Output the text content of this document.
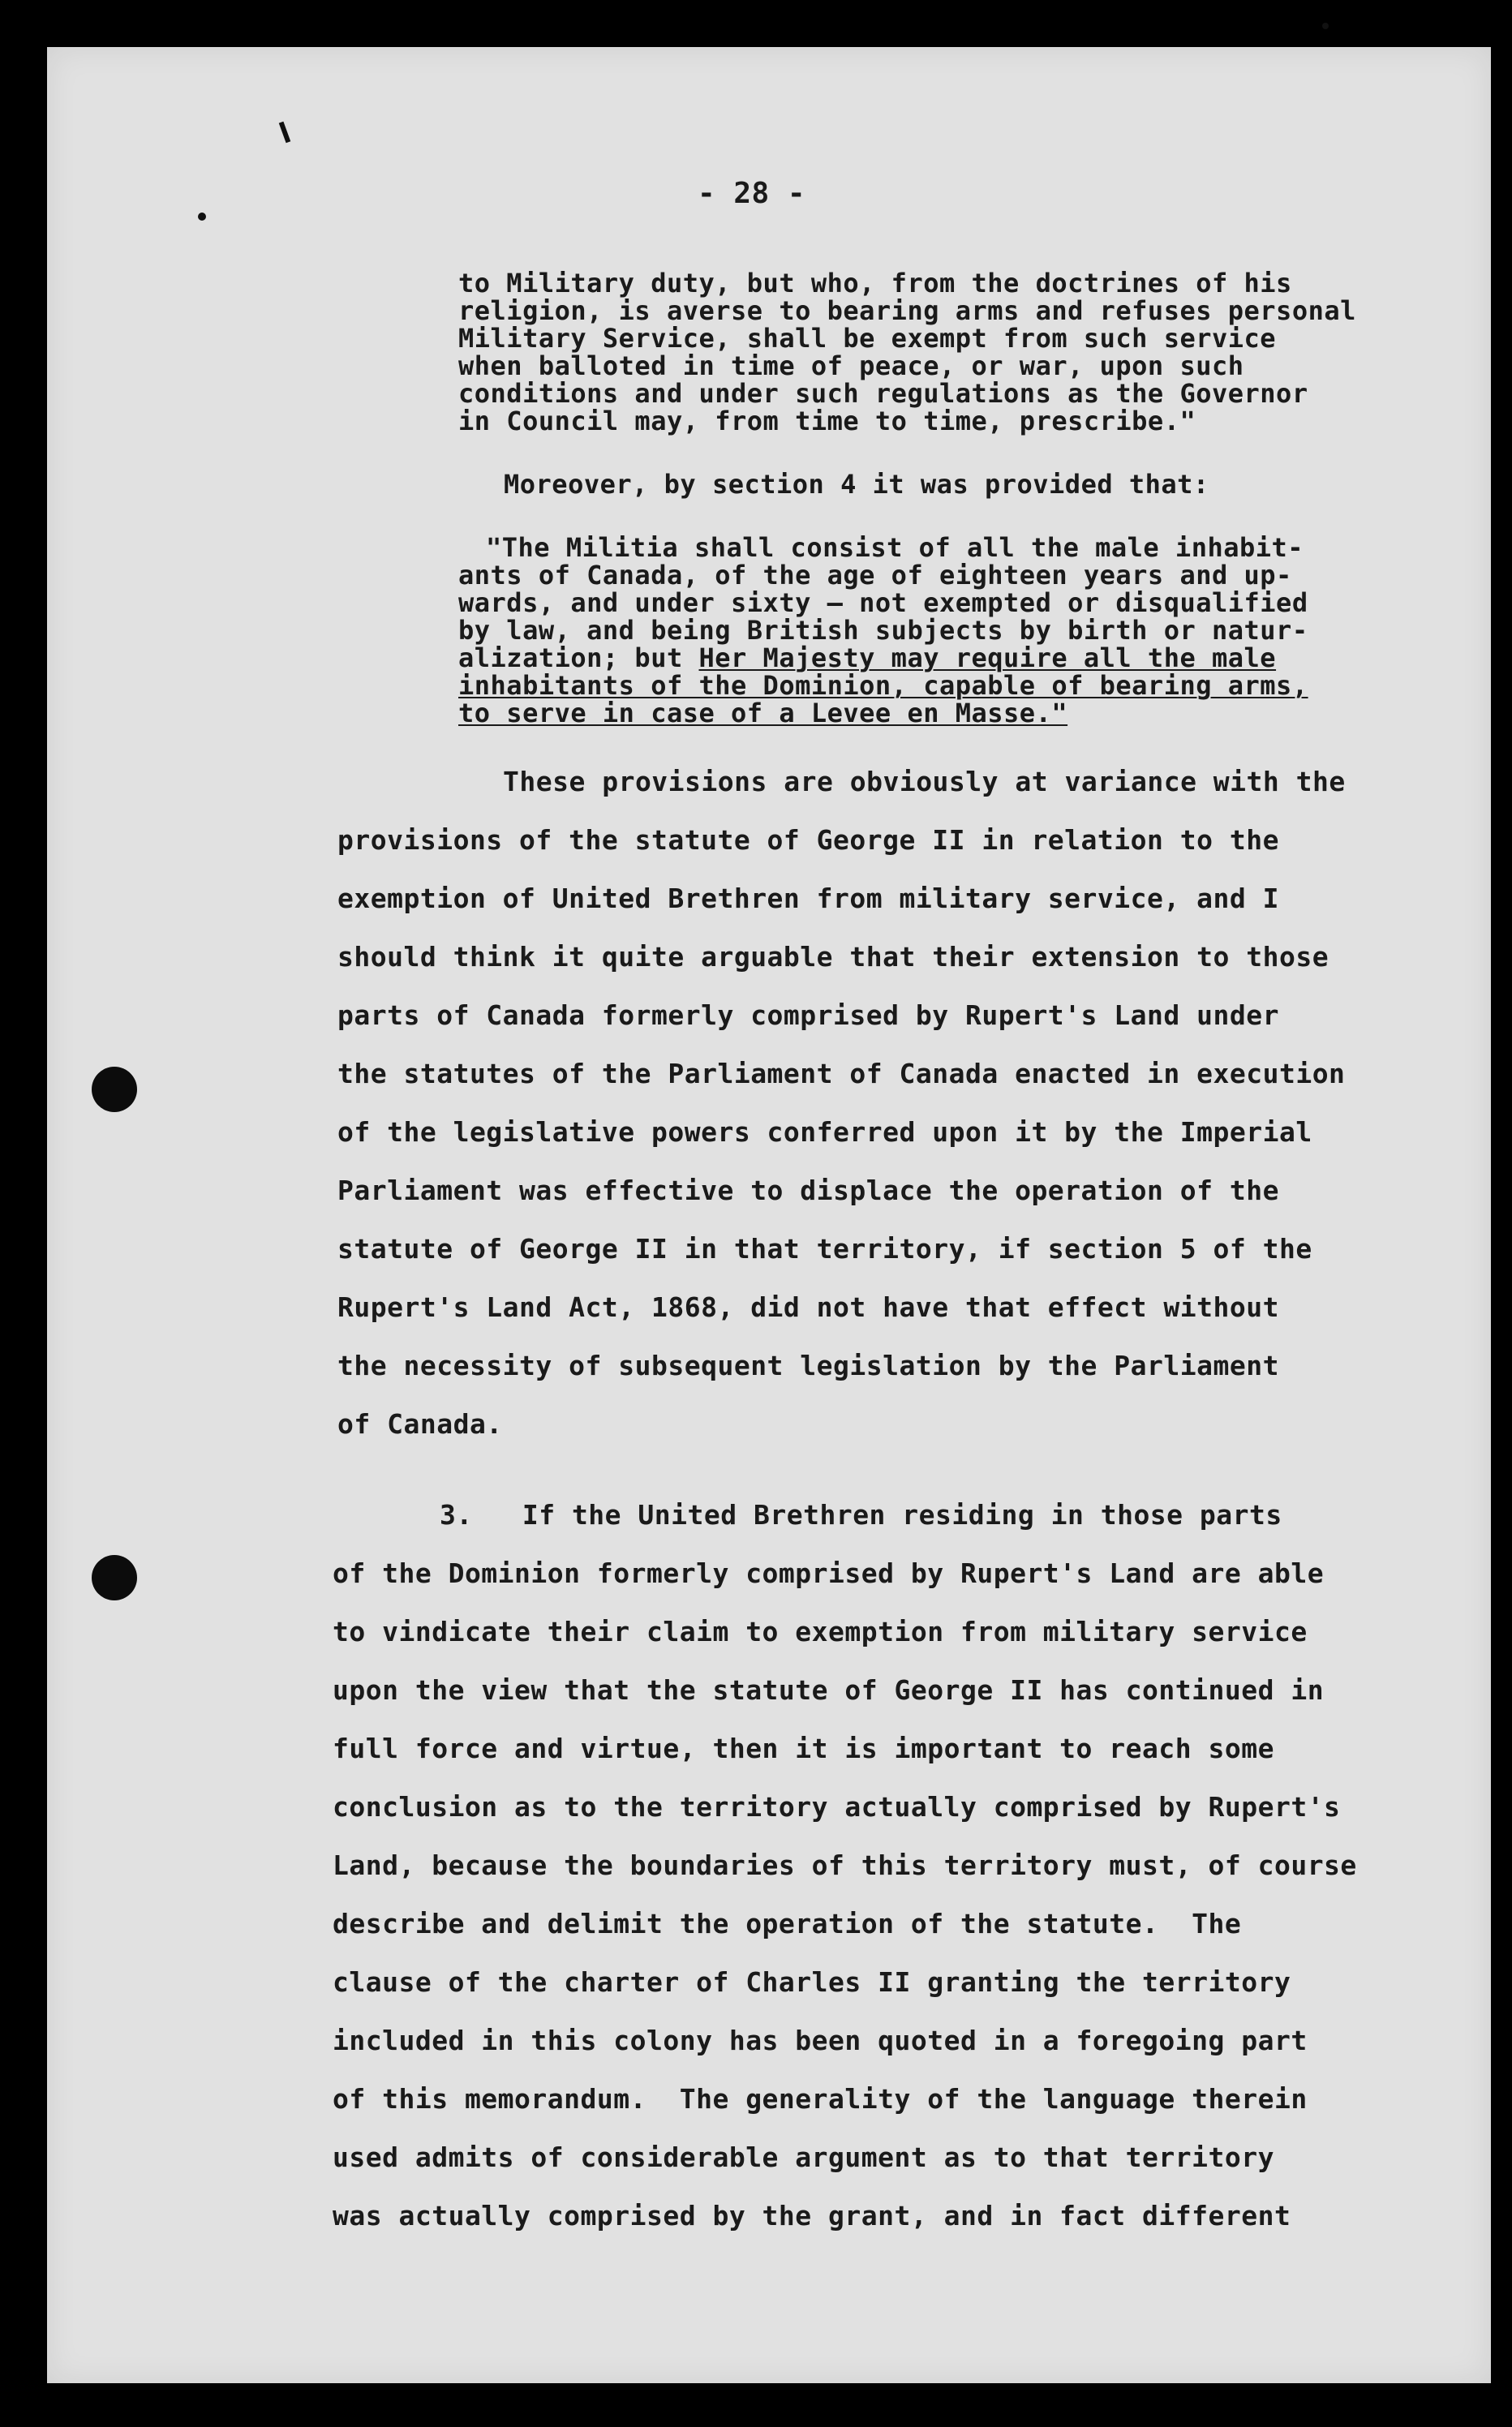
- 28 -
to Military duty, but who, from the doctrines of his
religion, is averse to bearing arms and refuses personal
Military Service, shall be exempt from such service
when balloted in time of peace, or war, upon such
conditions and under such regulations as the Governor
in Council may, from time to time, prescribe."
Moreover, by section 4 it was provided that:
"The Militia shall consist of all the male inhabit-
ants of Canada, of the age of eighteen years and up-
wards, and under sixty — not exempted or disqualified
by law, and being British subjects by birth or natur-
alization; but Her Majesty may require all the male
inhabitants of the Dominion, capable of bearing arms,
to serve in case of a Levee en Masse."
These provisions are obviously at variance with the
provisions of the statute of George II in relation to the
exemption of United Brethren from military service, and I
should think it quite arguable that their extension to those
parts of Canada formerly comprised by Rupert's Land under
the statutes of the Parliament of Canada enacted in execution
of the legislative powers conferred upon it by the Imperial
Parliament was effective to displace the operation of the
statute of George II in that territory, if section 5 of the
Rupert's Land Act, 1868, did not have that effect without
the necessity of subsequent legislation by the Parliament
of Canada.
3.   If the United Brethren residing in those parts
of the Dominion formerly comprised by Rupert's Land are able
to vindicate their claim to exemption from military service
upon the view that the statute of George II has continued in
full force and virtue, then it is important to reach some
conclusion as to the territory actually comprised by Rupert's
Land, because the boundaries of this territory must, of course
describe and delimit the operation of the statute.  The
clause of the charter of Charles II granting the territory
included in this colony has been quoted in a foregoing part
of this memorandum.  The generality of the language therein
used admits of considerable argument as to that territory
was actually comprised by the grant, and in fact different
